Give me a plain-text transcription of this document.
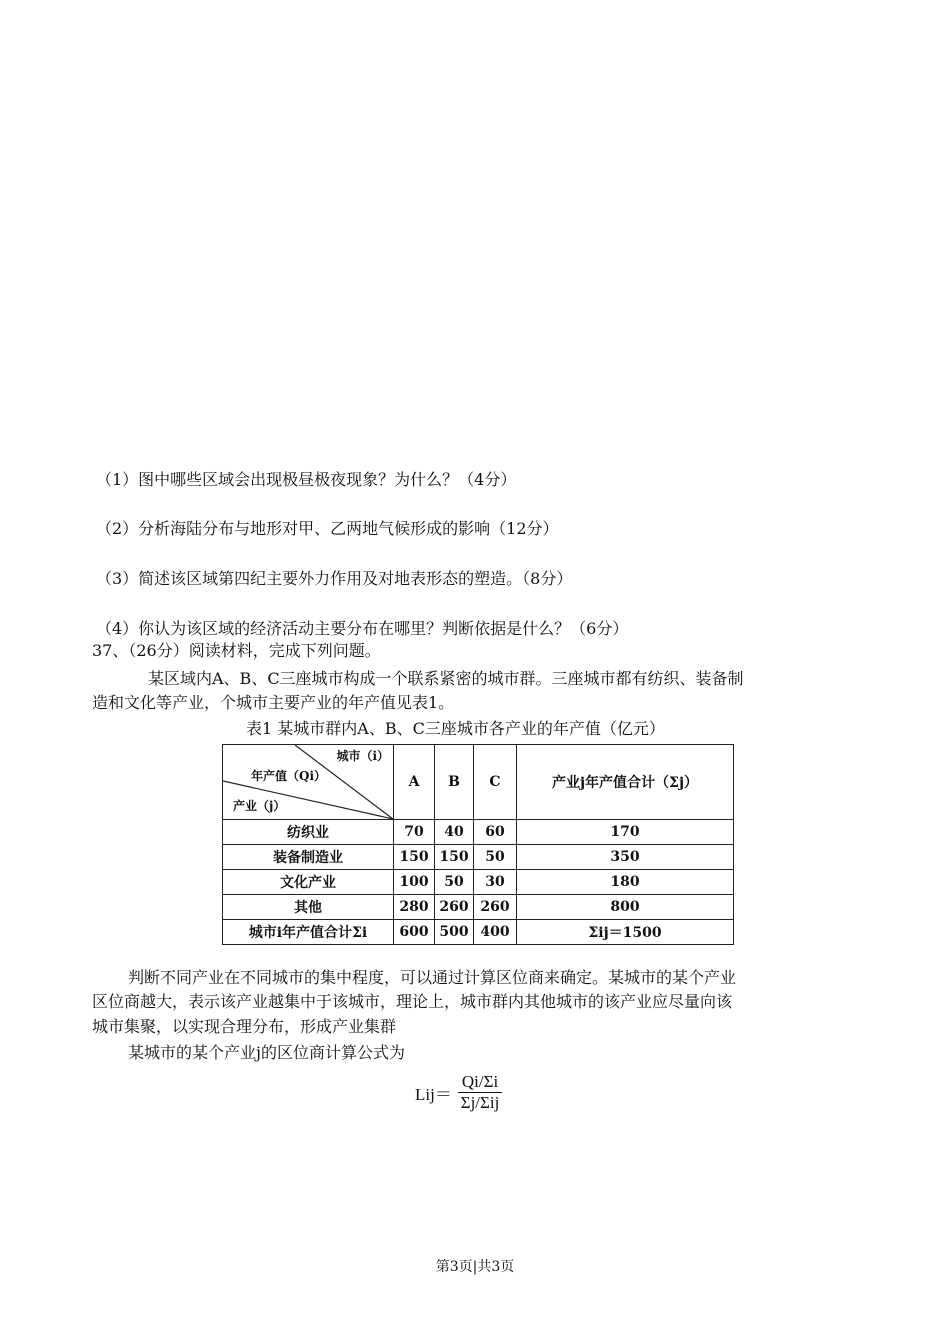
（1）图中哪些区域会出现极昼极夜现象？为什么？（4分）
（2）分析海陆分布与地形对甲、乙两地气候形成的影响（12分）
（3）简述该区域第四纪主要外力作用及对地表形态的塑造。（8分）
（4）你认为该区域的经济活动主要分布在哪里？判断依据是什么？（6分）
37、（26分）阅读材料，完成下列问题。
某区域内A、B、C三座城市构成一个联系紧密的城市群。三座城市都有纺织、装备制
造和文化等产业，个城市主要产业的年产值见表1。
表1 某城市群内A、B、C三座城市各产业的年产值（亿元）
城市（i）
年产值（Qi）
产业（j）	A	B	C	产业j年产值合计（Σj）
纺织业	70	40	60	170
装备制造业	150	150	50	350
文化产业	100	50	30	180
其他	280	260	260	800
城市i年产值合计Σi	600	500	400	Σij＝1500
判断不同产业在不同城市的集中程度，可以通过计算区位商来确定。某城市的某个产业
区位商越大，表示该产业越集中于该城市，理论上，城市群内其他城市的该产业应尽量向该
城市集聚，以实现合理分布，形成产业集群
某城市的某个产业j的区位商计算公式为
Lij＝
Qi/Σi
Σj/Σij
第3页|共3页
